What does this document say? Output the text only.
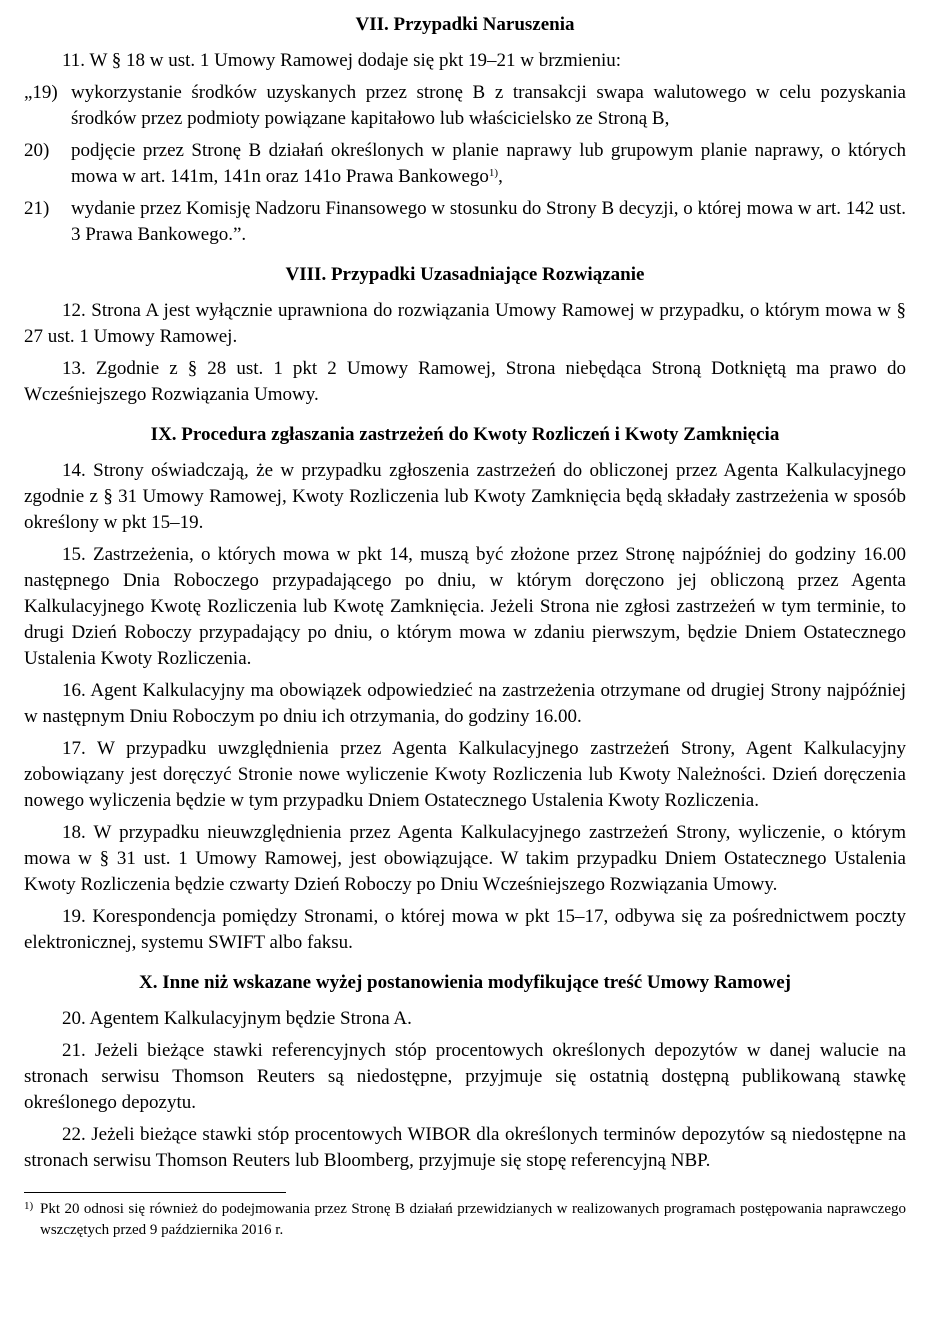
VII. Przypadki Naruszenia

11. W § 18 w ust. 1 Umowy Ramowej dodaje się pkt 19–21 w brzmieniu:

„19) wykorzystanie środków uzyskanych przez stronę B z transakcji swapa walutowego w celu pozyskania środków przez podmioty powiązane kapitałowo lub właścicielsko ze Stroną B,

20) podjęcie przez Stronę B działań określonych w planie naprawy lub grupowym planie naprawy, o których mowa w art. 141m, 141n oraz 141o Prawa Bankowego$^{1)}$,

21) wydanie przez Komisję Nadzoru Finansowego w stosunku do Strony B decyzji, o której mowa w art. 142 ust. 3 Prawa Bankowego.”.

VIII. Przypadki Uzasadniające Rozwiązanie

12. Strona A jest wyłącznie uprawniona do rozwiązania Umowy Ramowej w przypadku, o którym mowa w § 27 ust. 1 Umowy Ramowej.

13. Zgodnie z § 28 ust. 1 pkt 2 Umowy Ramowej, Strona niebędąca Stroną Dotkniętą ma prawo do Wcześniejszego Rozwiązania Umowy.

IX. Procedura zgłaszania zastrzeżeń do Kwoty Rozliczeń i Kwoty Zamknięcia

14. Strony oświadczają, że w przypadku zgłoszenia zastrzeżeń do obliczonej przez Agenta Kalkulacyjnego zgodnie z § 31 Umowy Ramowej, Kwoty Rozliczenia lub Kwoty Zamknięcia będą składały zastrzeżenia w sposób określony w pkt 15–19.

15. Zastrzeżenia, o których mowa w pkt 14, muszą być złożone przez Stronę najpóźniej do godziny 16.00 następnego Dnia Roboczego przypadającego po dniu, w którym doręczono jej obliczoną przez Agenta Kalkulacyjnego Kwotę Rozliczenia lub Kwotę Zamknięcia. Jeżeli Strona nie zgłosi zastrzeżeń w tym terminie, to drugi Dzień Roboczy przypadający po dniu, o którym mowa w zdaniu pierwszym, będzie Dniem Ostatecznego Ustalenia Kwoty Rozliczenia.

16. Agent Kalkulacyjny ma obowiązek odpowiedzieć na zastrzeżenia otrzymane od drugiej Strony najpóźniej w następnym Dniu Roboczym po dniu ich otrzymania, do godziny 16.00.

17. W przypadku uwzględnienia przez Agenta Kalkulacyjnego zastrzeżeń Strony, Agent Kalkulacyjny zobowiązany jest doręczyć Stronie nowe wyliczenie Kwoty Rozliczenia lub Kwoty Należności. Dzień doręczenia nowego wyliczenia będzie w tym przypadku Dniem Ostatecznego Ustalenia Kwoty Rozliczenia.

18. W przypadku nieuwzględnienia przez Agenta Kalkulacyjnego zastrzeżeń Strony, wyliczenie, o którym mowa w § 31 ust. 1 Umowy Ramowej, jest obowiązujące. W takim przypadku Dniem Ostatecznego Ustalenia Kwoty Rozliczenia będzie czwarty Dzień Roboczy po Dniu Wcześniejszego Rozwiązania Umowy.

19. Korespondencja pomiędzy Stronami, o której mowa w pkt 15–17, odbywa się za pośrednictwem poczty elektronicznej, systemu SWIFT albo faksu.

X. Inne niż wskazane wyżej postanowienia modyfikujące treść Umowy Ramowej

20. Agentem Kalkulacyjnym będzie Strona A.

21. Jeżeli bieżące stawki referencyjnych stóp procentowych określonych depozytów w danej walucie na stronach serwisu Thomson Reuters są niedostępne, przyjmuje się ostatnią dostępną publikowaną stawkę określonego depozytu.

22. Jeżeli bieżące stawki stóp procentowych WIBOR dla określonych terminów depozytów są niedostępne na stronach serwisu Thomson Reuters lub Bloomberg, przyjmuje się stopę referencyjną NBP.

1) Pkt 20 odnosi się również do podejmowania przez Stronę B działań przewidzianych w realizowanych programach postępowania naprawczego wszczętych przed 9 października 2016 r.
